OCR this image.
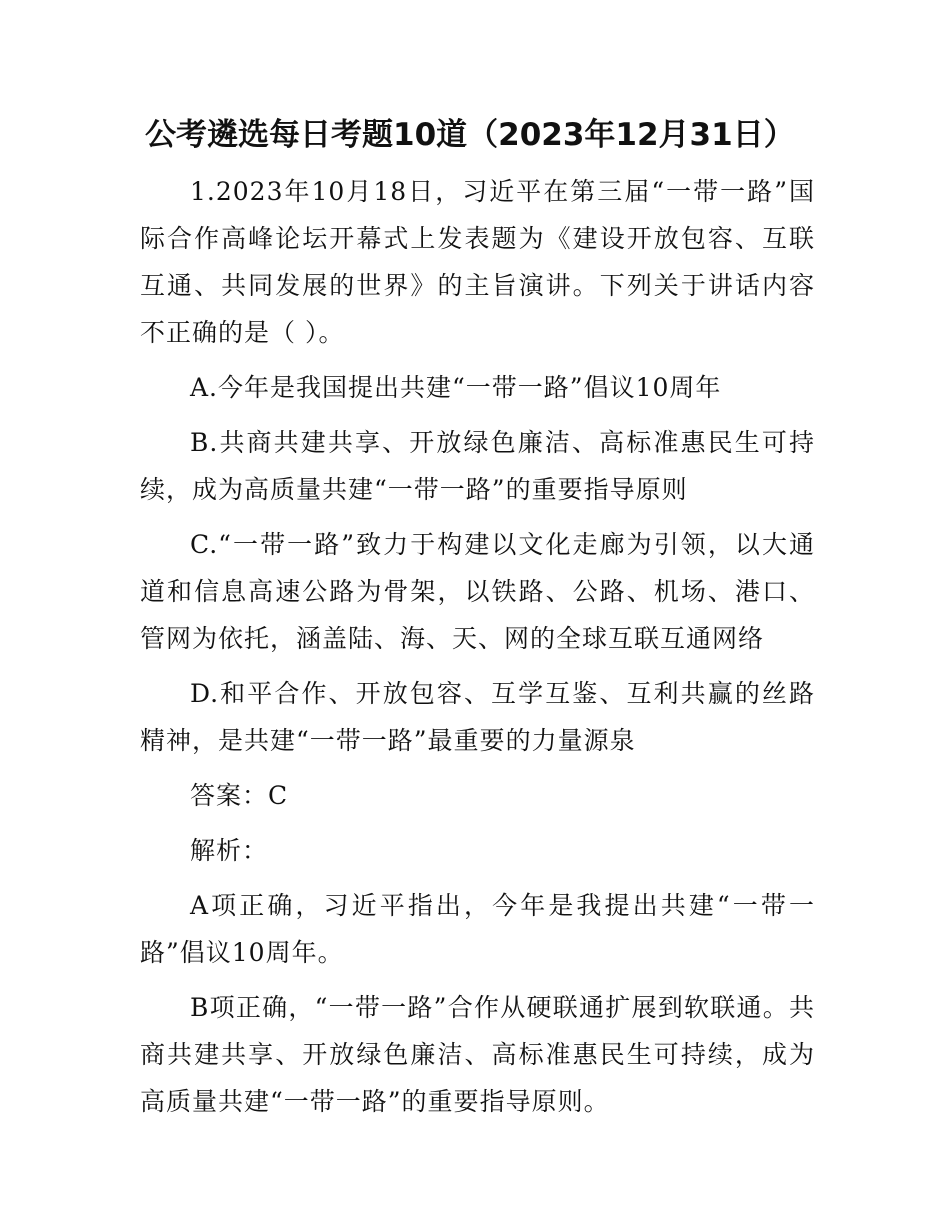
公考遴选每日考题10道（2023年12月31日）

1.2023年10月18日，习近平在第三届“一带一路”国际合作高峰论坛开幕式上发表题为《建设开放包容、互联互通、共同发展的世界》的主旨演讲。下列关于讲话内容不正确的是（ ）。

A.今年是我国提出共建“一带一路”倡议10周年

B.共商共建共享、开放绿色廉洁、高标准惠民生可持续，成为高质量共建“一带一路”的重要指导原则

C.“一带一路”致力于构建以文化走廊为引领，以大通道和信息高速公路为骨架，以铁路、公路、机场、港口、管网为依托，涵盖陆、海、天、网的全球互联互通网络

D.和平合作、开放包容、互学互鉴、互利共赢的丝路精神，是共建“一带一路”最重要的力量源泉

答案：C

解析：

A项正确，习近平指出，今年是我提出共建“一带一路”倡议10周年。

B项正确，“一带一路”合作从硬联通扩展到软联通。共商共建共享、开放绿色廉洁、高标准惠民生可持续，成为高质量共建“一带一路”的重要指导原则。
